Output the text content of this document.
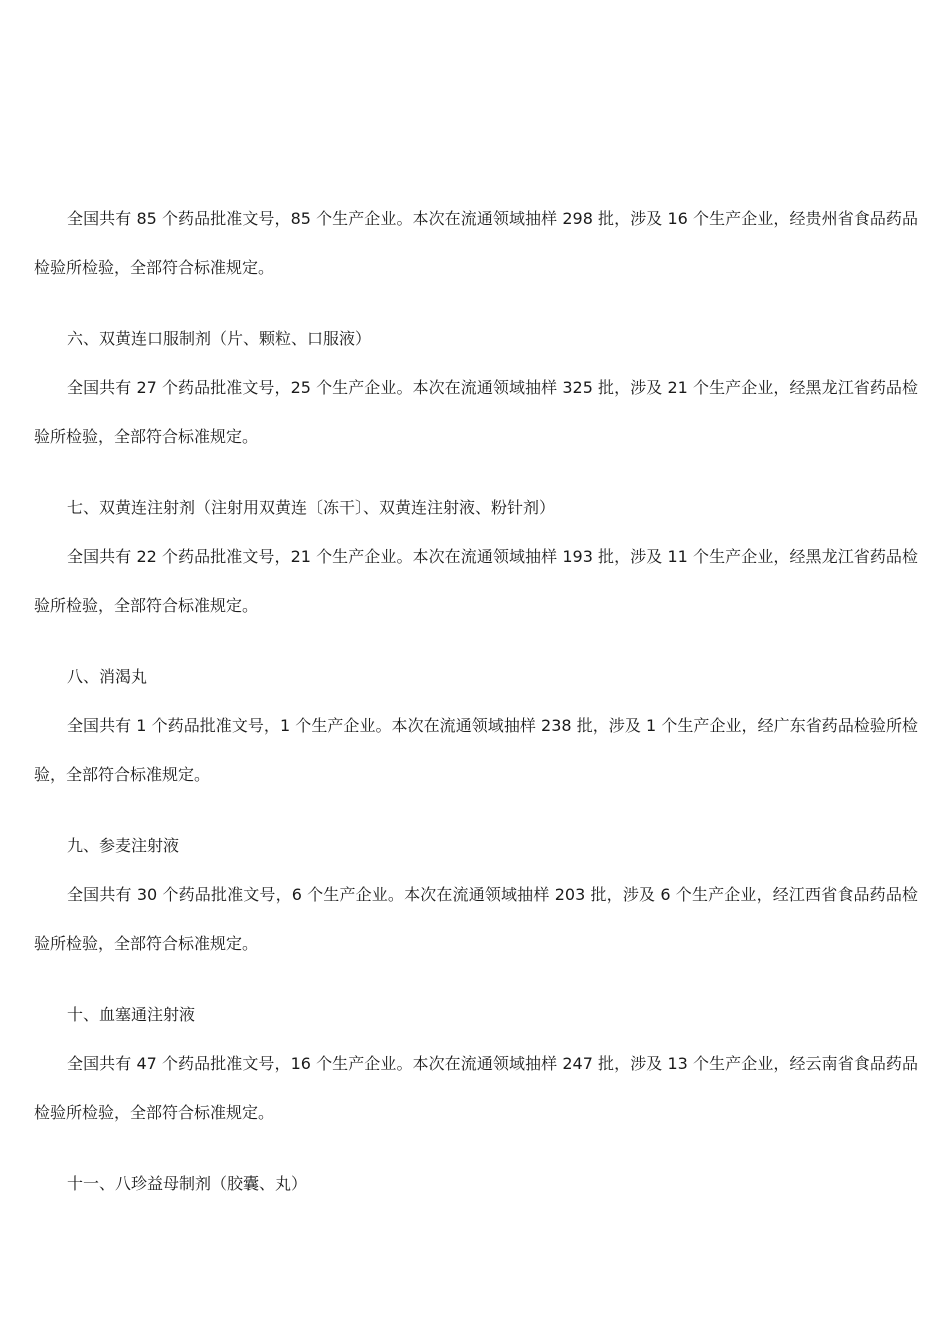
全国共有 85 个药品批准文号，85 个生产企业。本次在流通领域抽样 298 批，涉及 16 个生产企业，经贵州省食品药品检验所检验，全部符合标准规定。

六、双黄连口服制剂（片、颗粒、口服液）

全国共有 27 个药品批准文号，25 个生产企业。本次在流通领域抽样 325 批，涉及 21 个生产企业，经黑龙江省药品检验所检验，全部符合标准规定。

七、双黄连注射剂（注射用双黄连〔冻干〕、双黄连注射液、粉针剂）

全国共有 22 个药品批准文号，21 个生产企业。本次在流通领域抽样 193 批，涉及 11 个生产企业，经黑龙江省药品检验所检验，全部符合标准规定。

八、消渴丸

全国共有 1 个药品批准文号，1 个生产企业。本次在流通领域抽样 238 批，涉及 1 个生产企业，经广东省药品检验所检验，全部符合标准规定。

九、参麦注射液

全国共有 30 个药品批准文号，6 个生产企业。本次在流通领域抽样 203 批，涉及 6 个生产企业，经江西省食品药品检验所检验，全部符合标准规定。

十、血塞通注射液

全国共有 47 个药品批准文号，16 个生产企业。本次在流通领域抽样 247 批，涉及 13 个生产企业，经云南省食品药品检验所检验，全部符合标准规定。

十一、八珍益母制剂（胶囊、丸）
